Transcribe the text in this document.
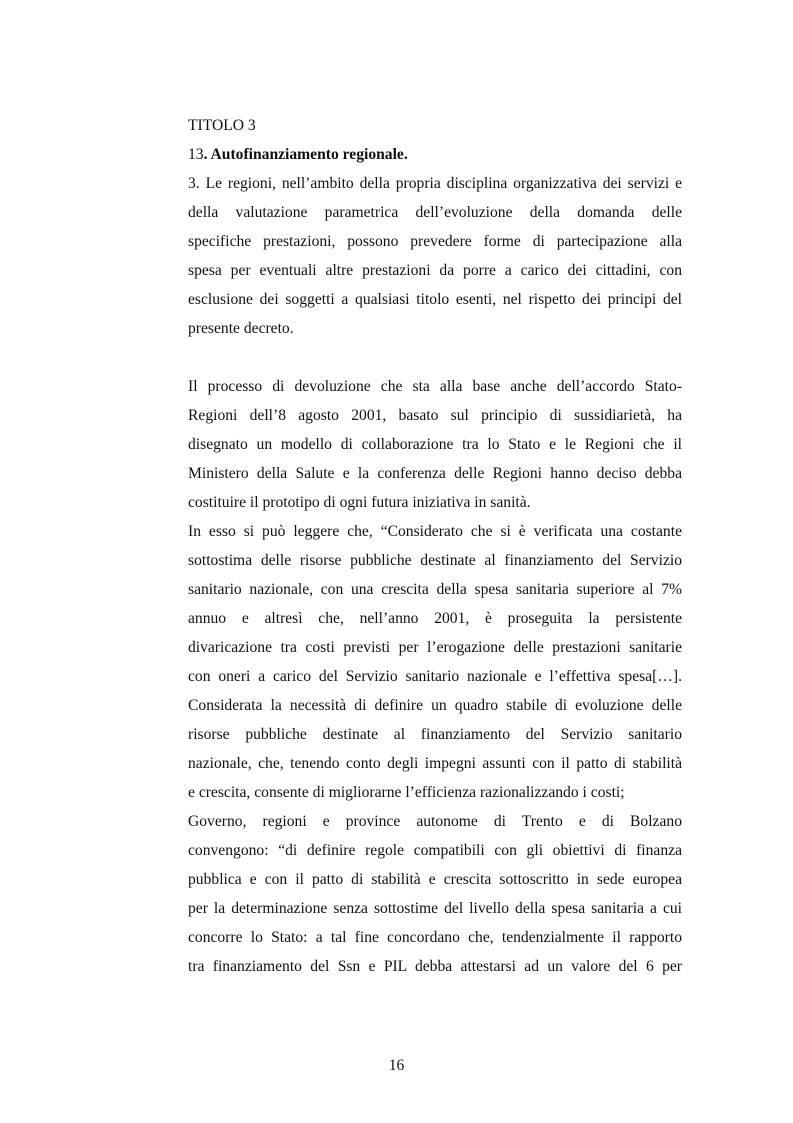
TITOLO 3
13. Autofinanziamento regionale.
3. Le regioni, nell’ambito della propria disciplina organizzativa dei servizi e
della valutazione parametrica dell’evoluzione della domanda delle
specifiche prestazioni, possono prevedere forme di partecipazione alla
spesa per eventuali altre prestazioni da porre a carico dei cittadini, con
esclusione dei soggetti a qualsiasi titolo esenti, nel rispetto dei principi del
presente decreto.
Il processo di devoluzione che sta alla base anche dell’accordo Stato-
Regioni dell’8 agosto 2001, basato sul principio di sussidiarietà, ha
disegnato un modello di collaborazione tra lo Stato e le Regioni che il
Ministero della Salute e la conferenza delle Regioni hanno deciso debba
costituire il prototipo di ogni futura iniziativa in sanità.
In esso si può leggere che, “Considerato che si è verificata una costante
sottostima delle risorse pubbliche destinate al finanziamento del Servizio
sanitario nazionale, con una crescita della spesa sanitaria superiore al 7%
annuo e altresì che, nell’anno 2001, è proseguita la persistente
divaricazione tra costi previsti per l’erogazione delle prestazioni sanitarie
con oneri a carico del Servizio sanitario nazionale e l’effettiva spesa[…].
Considerata la necessità di definire un quadro stabile di evoluzione delle
risorse pubbliche destinate al finanziamento del Servizio sanitario
nazionale, che, tenendo conto degli impegni assunti con il patto di stabilità
e crescita, consente di migliorarne l’efficienza razionalizzando i costi;
Governo, regioni e province autonome di Trento e di Bolzano
convengono: “di definire regole compatibili con gli obiettivi di finanza
pubblica e con il patto di stabilità e crescita sottoscritto in sede europea
per la determinazione senza sottostime del livello della spesa sanitaria a cui
concorre lo Stato: a tal fine concordano che, tendenzialmente il rapporto
tra finanziamento del Ssn e PIL debba attestarsi ad un valore del 6 per
16
